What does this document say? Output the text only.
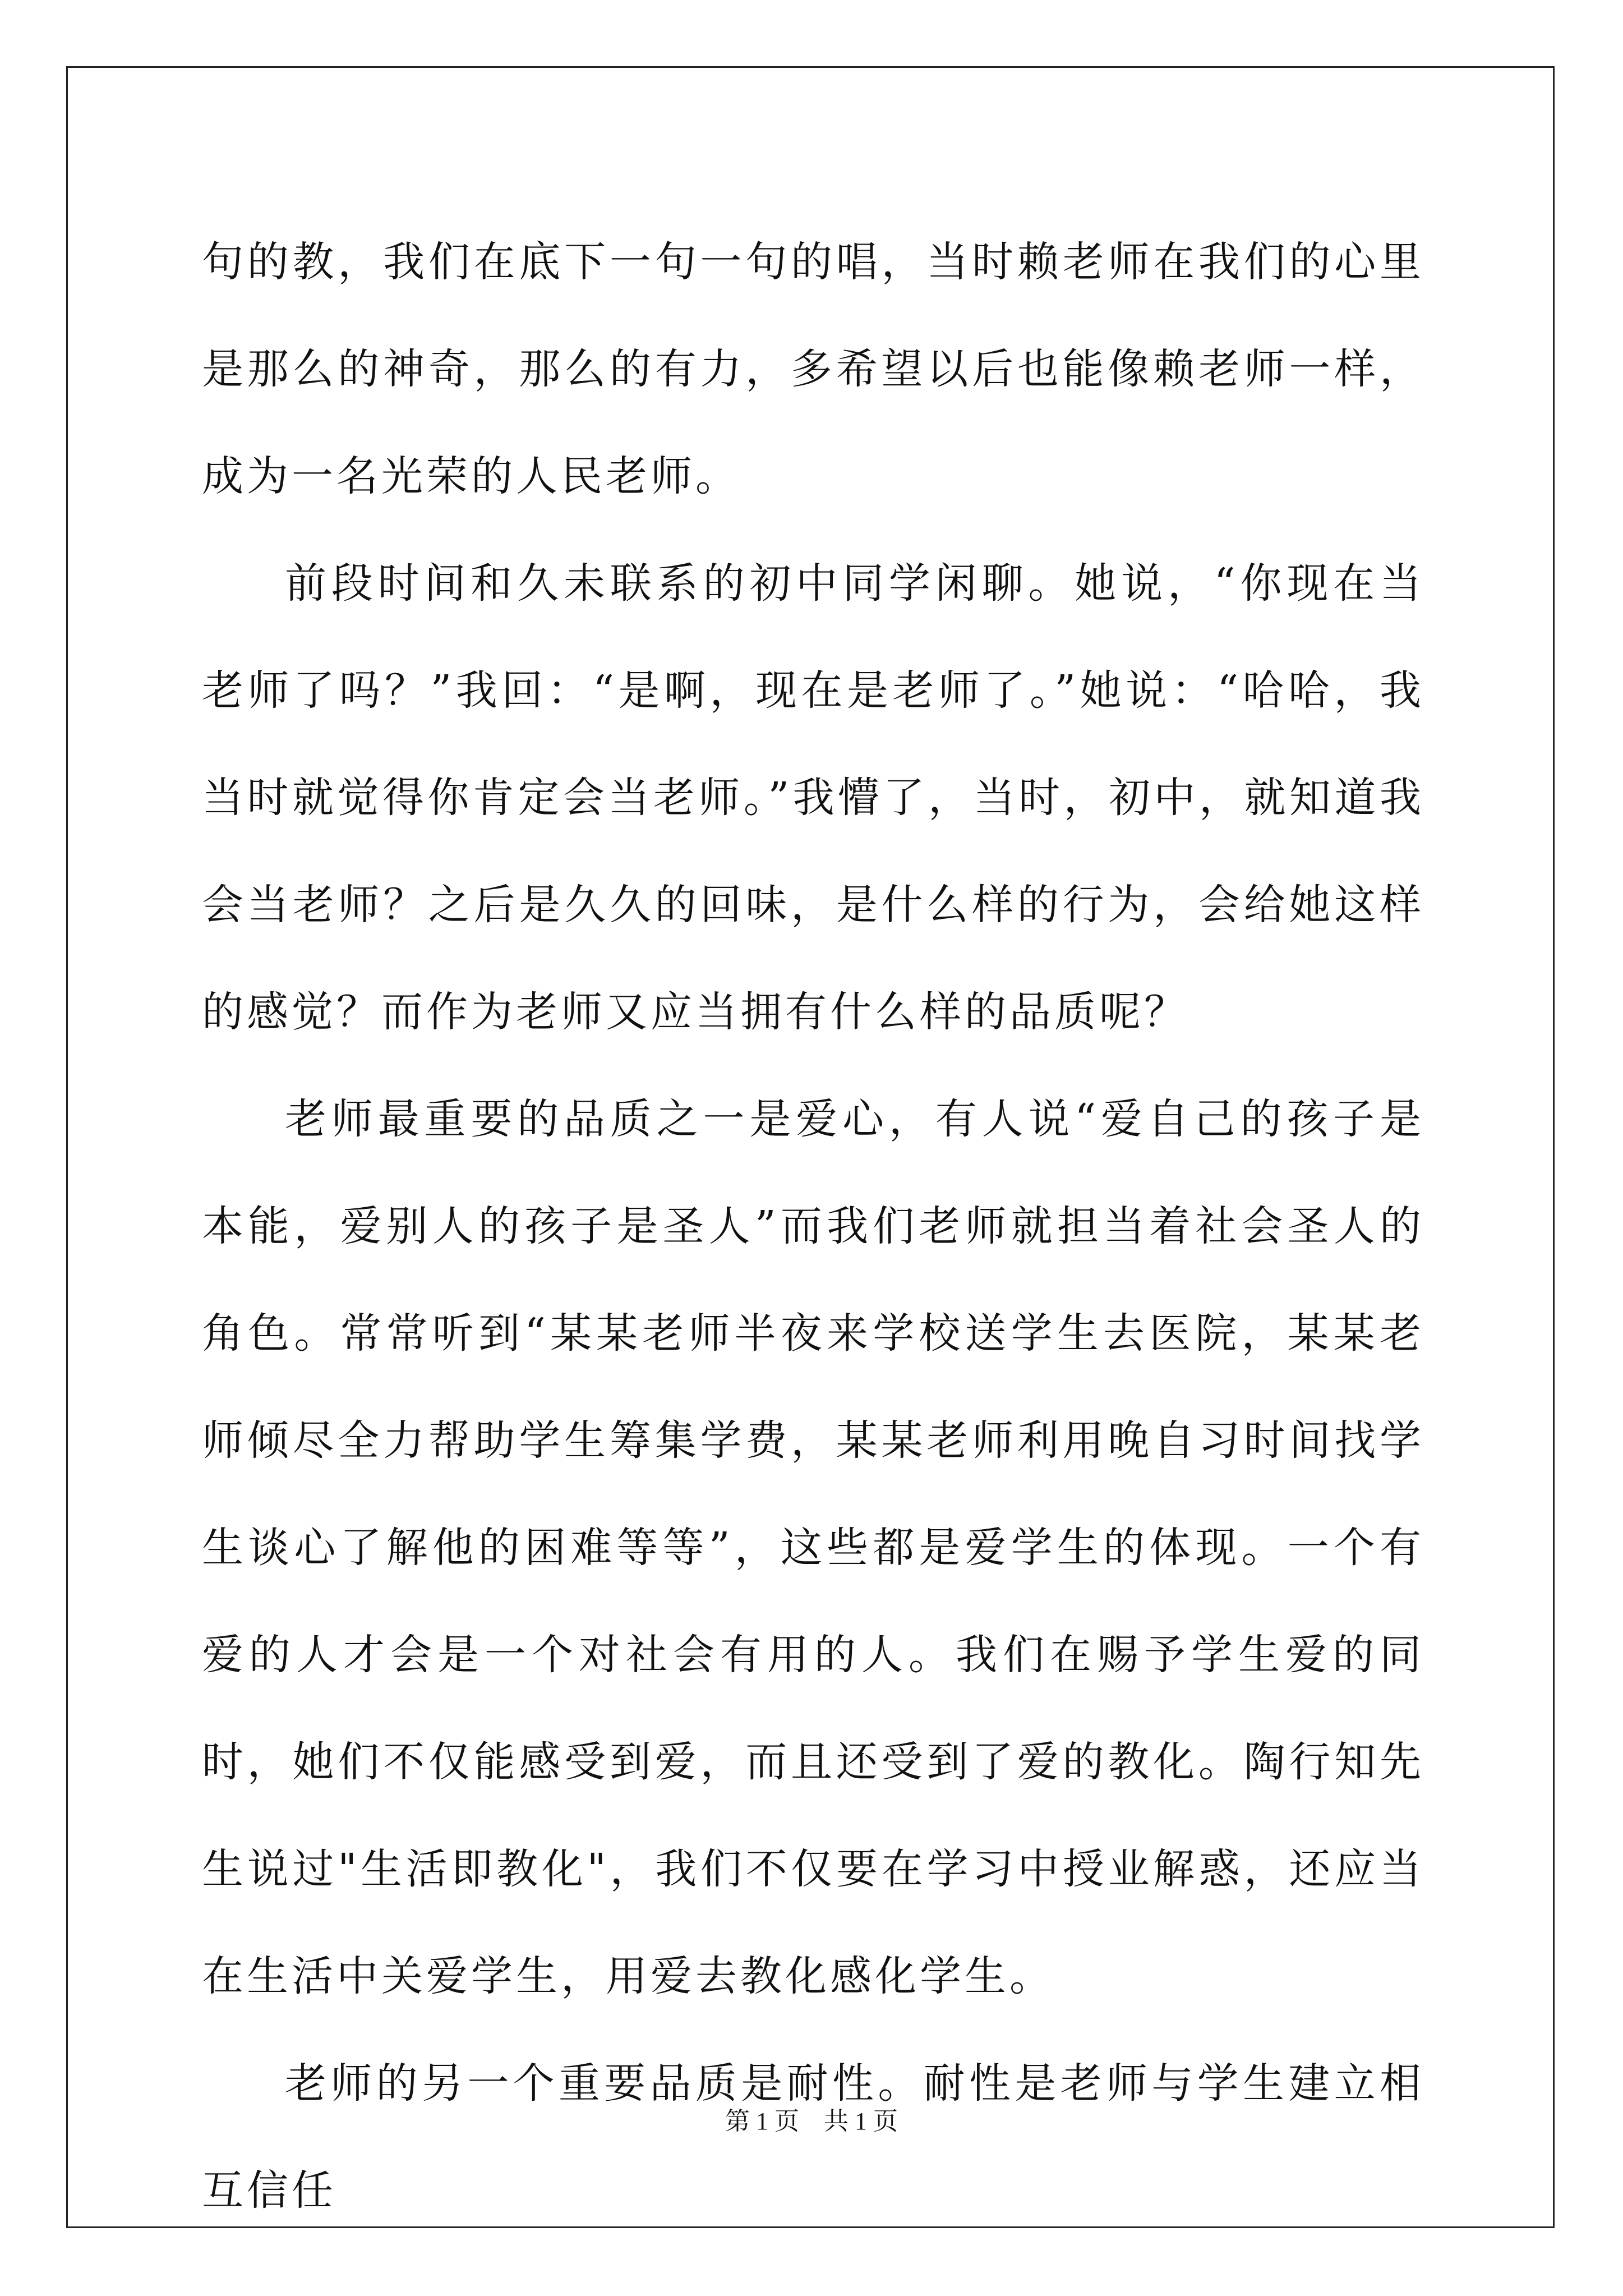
句的教，我们在底下一句一句的唱，当时赖老师在我们的心里是那么的神奇，那么的有力，多希望以后也能像赖老师一样，成为一名光荣的人民老师。

前段时间和久未联系的初中同学闲聊。她说，“你现在当老师了吗？”我回：“是啊，现在是老师了。”她说：“哈哈，我当时就觉得你肯定会当老师。”我懵了，当时，初中，就知道我会当老师？之后是久久的回味，是什么样的行为，会给她这样的感觉？而作为老师又应当拥有什么样的品质呢？

老师最重要的品质之一是爱心，有人说“爱自己的孩子是本能，爱别人的孩子是圣人”而我们老师就担当着社会圣人的角色。常常听到“某某老师半夜来学校送学生去医院，某某老师倾尽全力帮助学生筹集学费，某某老师利用晚自习时间找学生谈心了解他的困难等等”，这些都是爱学生的体现。一个有爱的人才会是一个对社会有用的人。我们在赐予学生爱的同时，她们不仅能感受到爱，而且还受到了爱的教化。陶行知先生说过"生活即教化"，我们不仅要在学习中授业解惑，还应当在生活中关爱学生，用爱去教化感化学生。

老师的另一个重要品质是耐性。耐性是老师与学生建立相互信任

第 1 页　共 1 页
